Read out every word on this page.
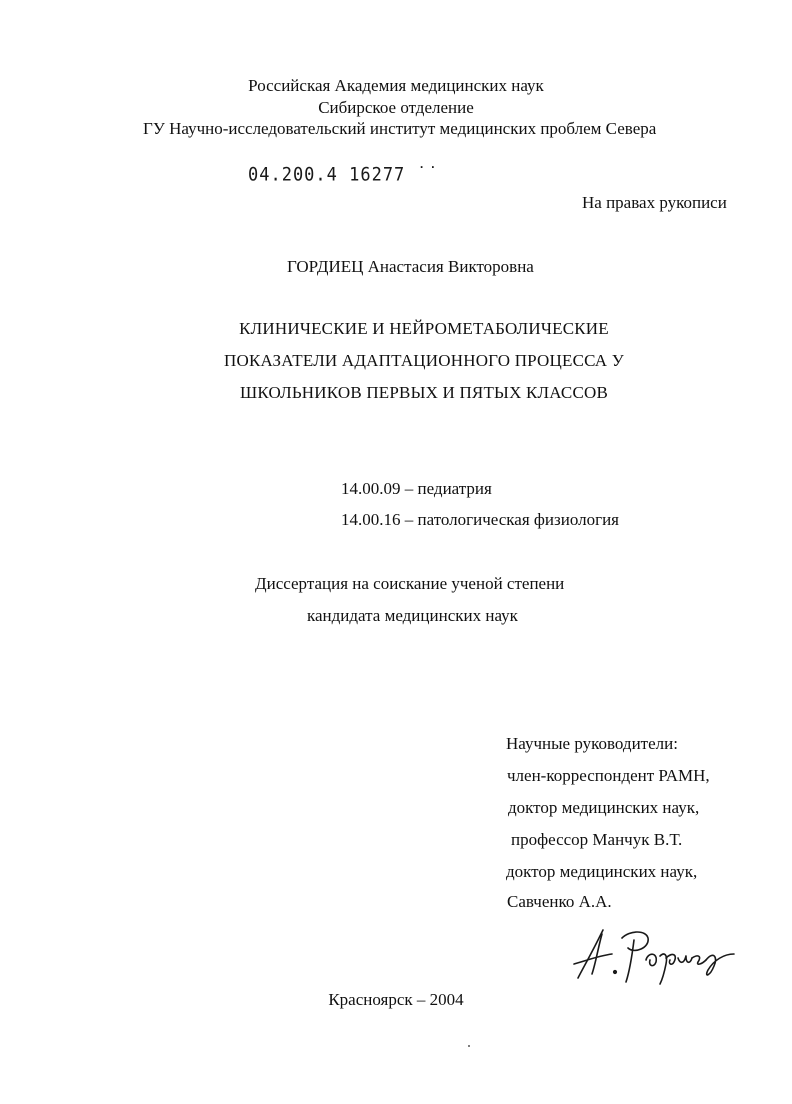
Российская Академия медицинских наук
Сибирское отделение
ГУ Научно-исследовательский институт медицинских проблем Севера
04.200.4 16277 ˙˙
На правах рукописи
ГОРДИЕЦ Анастасия Викторовна
КЛИНИЧЕСКИЕ И НЕЙРОМЕТАБОЛИЧЕСКИЕ
ПОКАЗАТЕЛИ АДАПТАЦИОННОГО ПРОЦЕССА У
ШКОЛЬНИКОВ ПЕРВЫХ И ПЯТЫХ КЛАССОВ
14.00.09 – педиатрия
14.00.16 – патологическая физиология
Диссертация на соискание ученой степени
кандидата медицинских наук
Научные руководители:
член-корреспондент РАМН,
доктор медицинских наук,
профессор Манчук В.Т.
доктор медицинских наук,
Савченко А.А.
Красноярск – 2004
